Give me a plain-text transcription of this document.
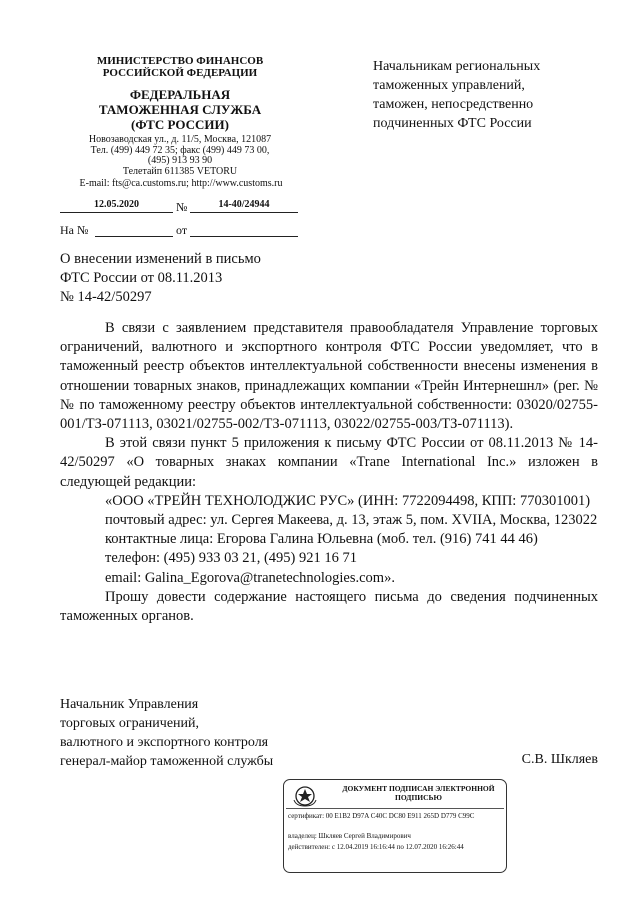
МИНИСТЕРСТВО ФИНАНСОВ
РОССИЙСКОЙ ФЕДЕРАЦИИ
ФЕДЕРАЛЬНАЯ
ТАМОЖЕННАЯ СЛУЖБА
(ФТС РОССИИ)
Новозаводская ул., д. 11/5, Москва, 121087
Тел. (499) 449 72 35; факс (499) 449 73 00,
(495) 913 93 90
Телетайп 611385 VETORU
E-mail: fts@ca.customs.ru; http://www.customs.ru
12.05.2020	№	14-40/24944
На №	от
Начальникам региональных
таможенных управлений,
таможен, непосредственно
подчиненных ФТС России
О внесении изменений в письмо
ФТС России от 08.11.2013
№ 14-42/50297

В связи с заявлением представителя правообладателя Управление торговых ограничений, валютного и экспортного контроля ФТС России уведомляет, что в таможенный реестр объектов интеллектуальной собственности внесены изменения в отношении товарных знаков, принадлежащих компании «Трейн Интернешнл» (рег. №№ по таможенному реестру объектов интеллектуальной собственности: 03020/02755-001/ТЗ-071113, 03021/02755-002/ТЗ-071113, 03022/02755-003/ТЗ-071113).

В этой связи пункт 5 приложения к письму ФТС России от 08.11.2013 № 14-42/50297 «О товарных знаках компании «Trane International Inc.» изложен в следующей редакции:

«ООО «ТРЕЙН ТЕХНОЛОДЖИС РУС» (ИНН: 7722094498, КПП: 770301001)

почтовый адрес: ул. Сергея Макеева, д. 13, этаж 5, пом. XVIIA, Москва, 123022

контактные лица: Егорова Галина Юльевна (моб. тел. (916) 741 44 46)

телефон: (495) 933 03 21, (495) 921 16 71

email: Galina_Egorova@tranetechnologies.com».

Прошу довести содержание настоящего письма до сведения подчиненных таможенных органов.

Начальник Управления
торговых ограничений,
валютного и экспортного контроля
генерал-майор таможенной службы	С.В. Шкляев
ДОКУМЕНТ ПОДПИСАН ЭЛЕКТРОННОЙ ПОДПИСЬЮ
сертификат: 00 E1B2 D97A C40C DC80 E911 265D D779 C99C
владелец: Шкляев Сергей Владимирович
действителен: с 12.04.2019 16:16:44 по 12.07.2020 16:26:44
